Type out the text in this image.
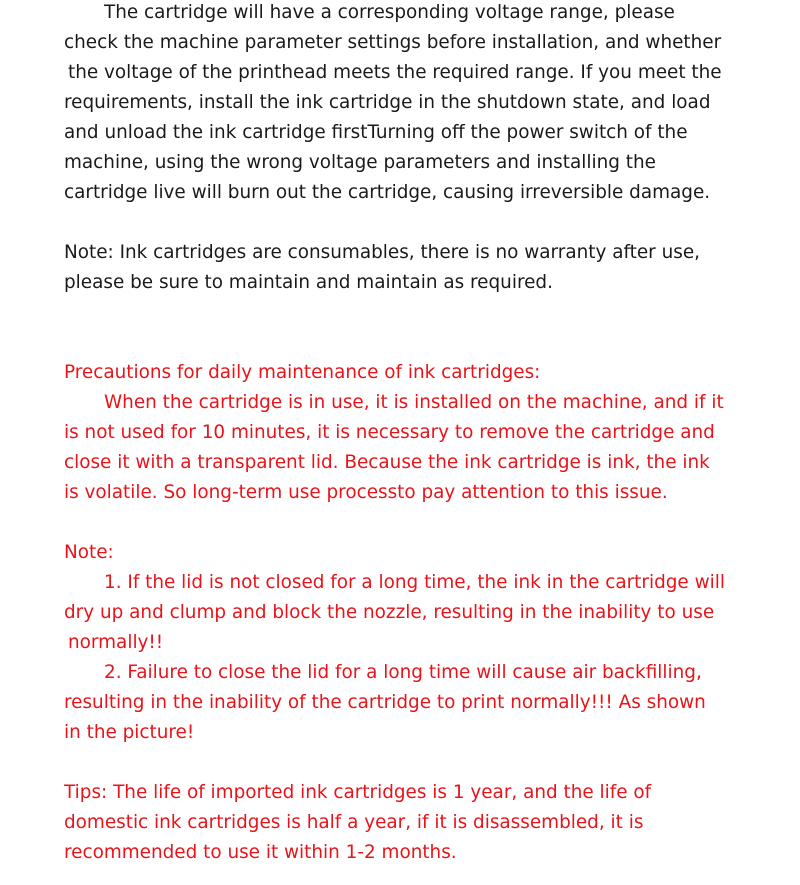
The cartridge will have a corresponding voltage range, please
check the machine parameter settings before installation, and whether
the voltage of the printhead meets the required range. If you meet the
requirements, install the ink cartridge in the shutdown state, and load
and unload the ink cartridge firstTurning off the power switch of the
machine, using the wrong voltage parameters and installing the
cartridge live will burn out the cartridge, causing irreversible damage.
Note: Ink cartridges are consumables, there is no warranty after use,
please be sure to maintain and maintain as required.
Precautions for daily maintenance of ink cartridges:
When the cartridge is in use, it is installed on the machine, and if it
is not used for 10 minutes, it is necessary to remove the cartridge and
close it with a transparent lid. Because the ink cartridge is ink, the ink
is volatile. So long-term use processto pay attention to this issue.
Note:
1. If the lid is not closed for a long time, the ink in the cartridge will
dry up and clump and block the nozzle, resulting in the inability to use
normally!!
2. Failure to close the lid for a long time will cause air backfilling,
resulting in the inability of the cartridge to print normally!!! As shown
in the picture!
Tips: The life of imported ink cartridges is 1 year, and the life of
domestic ink cartridges is half a year, if it is disassembled, it is
recommended to use it within 1-2 months.
